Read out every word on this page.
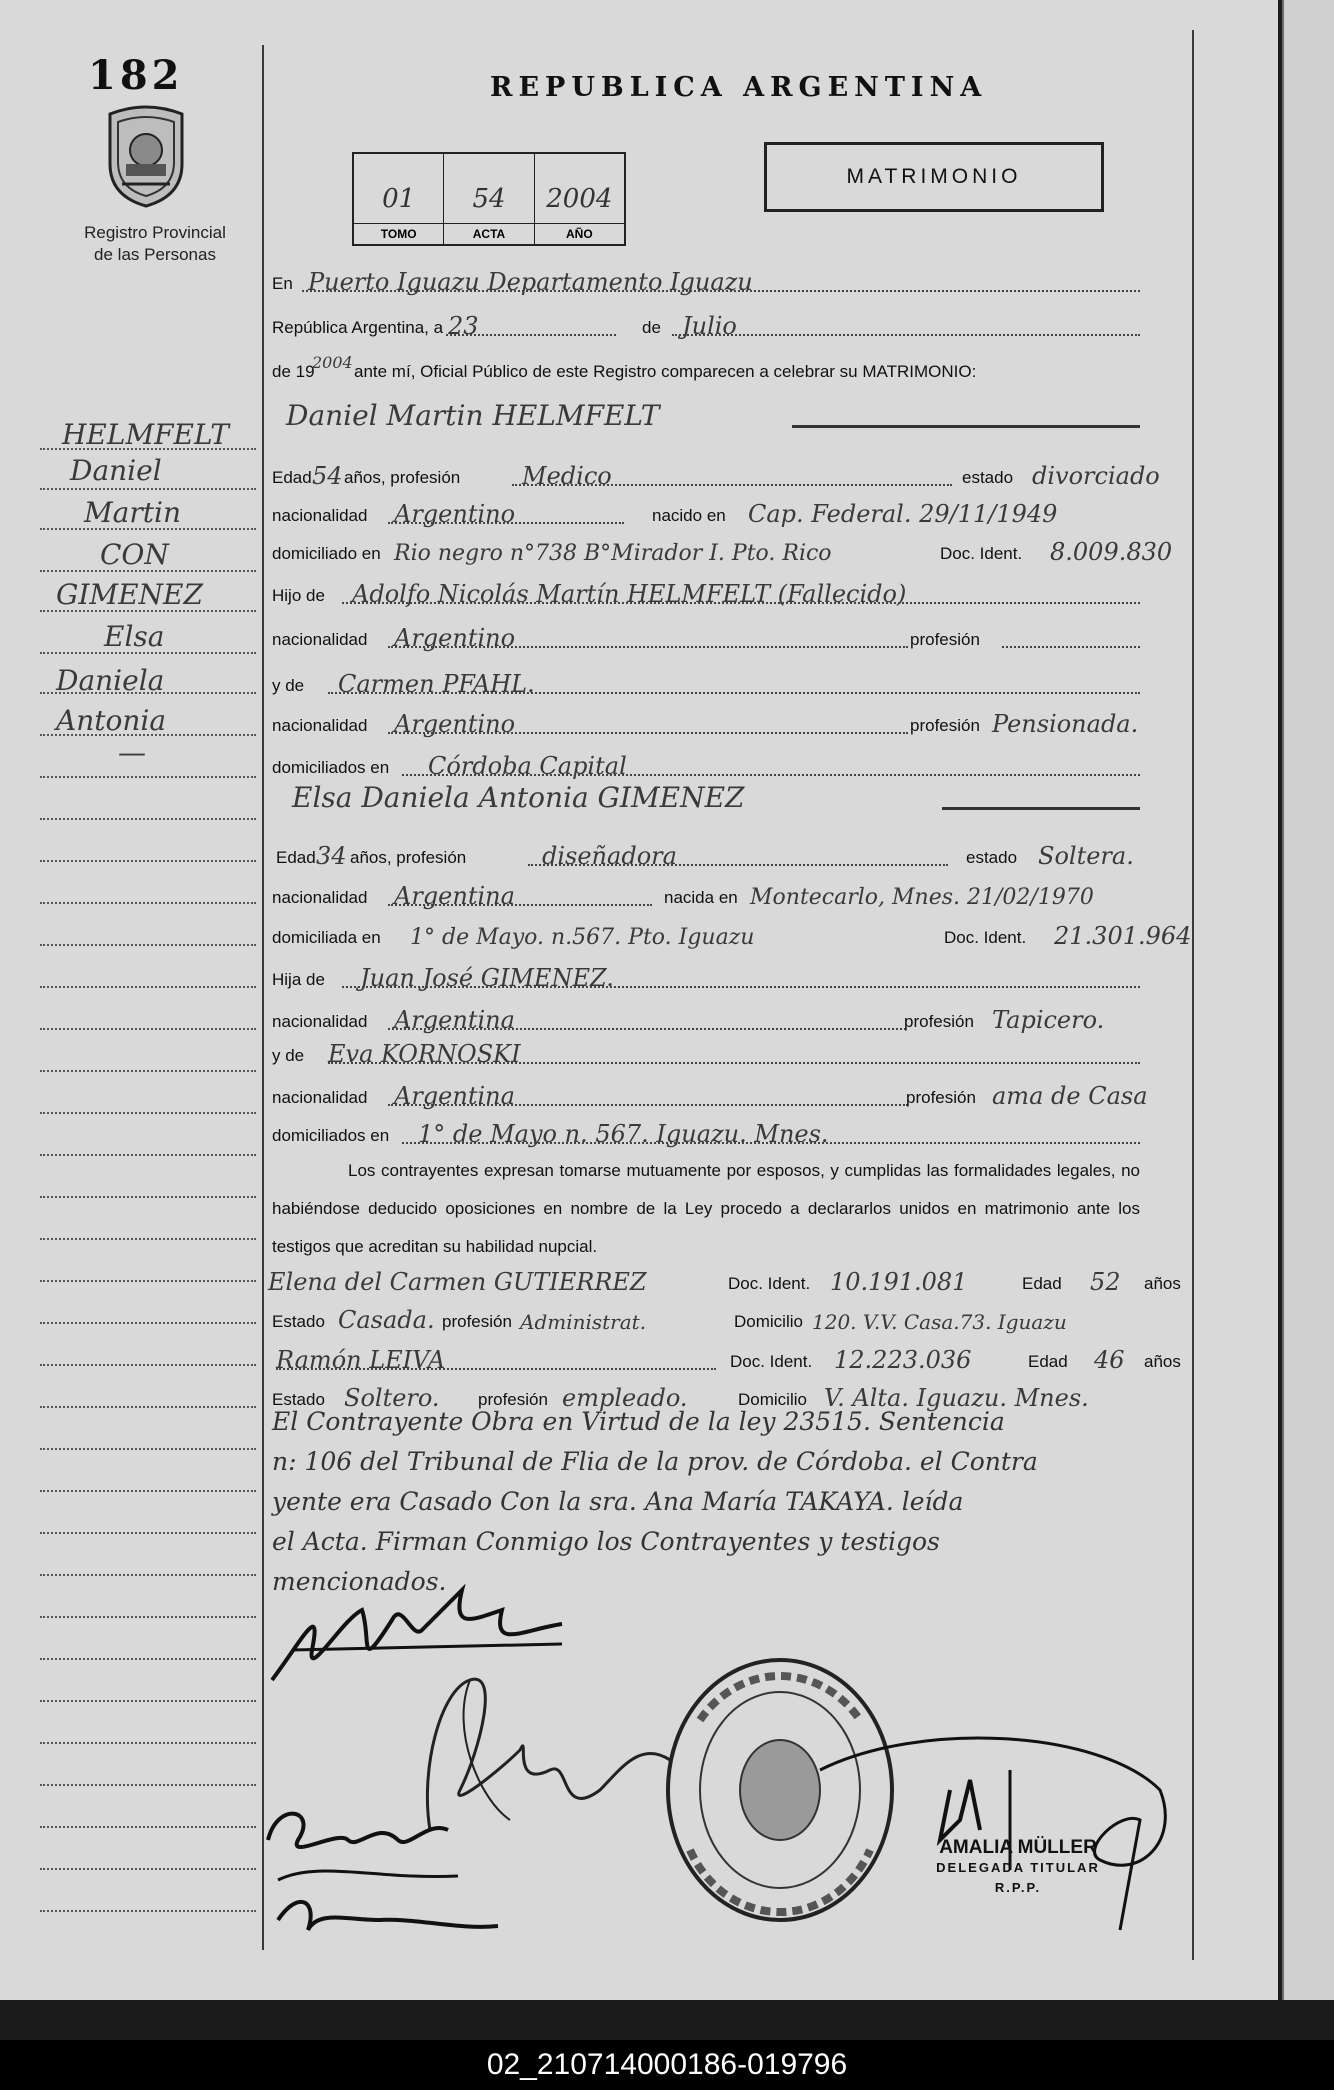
182
Registro Provincial
de las Personas
REPUBLICA ARGENTINA
01
TOMO
54
ACTA
2004
AÑO
MATRIMONIO
HELMFELT
Daniel
Martin
CON
GIMENEZ
Elsa
Daniela
Antonia
—
En Puerto Iguazu Departamento Iguazu
República Argentina, a 23	de Julio
de 19
2004 ante mí, Oficial Público de este Registro comparecen a celebrar su MATRIMONIO:
Daniel Martin HELMFELT
Edad 54 años, profesión	Medico	estado divorciado
nacionalidad Argentino	nacido en Cap. Federal. 29/11/1949
domiciliado en Rio negro n°738 B°Mirador I. Pto. Rico	Doc. Ident. 8.009.830
Hijo de Adolfo Nicolás Martín HELMFELT (Fallecido)
nacionalidad Argentino	profesión
y de Carmen PFAHL.
nacionalidad Argentino	profesión Pensionada.
domiciliados en Córdoba Capital
Elsa Daniela Antonia GIMENEZ
Edad 34 años, profesión	diseñadora	estado Soltera.
nacionalidad Argentina	nacida en Montecarlo, Mnes. 21/02/1970
domiciliada en 1° de Mayo. n.567. Pto. Iguazu	Doc. Ident. 21.301.964
Hija de Juan José GIMENEZ.
nacionalidad Argentina	profesión Tapicero.
y de Eva KORNOSKI
nacionalidad Argentina	profesión ama de Casa
domiciliados en 1° de Mayo n. 567. Iguazu. Mnes.
Los contrayentes expresan tomarse mutuamente por esposos, y cumplidas las formalidades legales, no habiéndose deducido oposiciones en nombre de la Ley procedo a declararlos unidos en matrimonio ante los testigos que acreditan su habilidad nupcial.
Elena del Carmen GUTIERREZ	Doc. Ident. 10.191.081	Edad 52 años
Estado Casada. profesión Administrat.	Domicilio 120. V.V. Casa.73. Iguazu
Ramón LEIVA	Doc. Ident. 12.223.036	Edad 46 años
Estado Soltero. profesión empleado.	Domicilio V. Alta. Iguazu. Mnes.
El Contrayente Obra en Virtud de la ley 23515. Sentencia
n: 106 del Tribunal de Flia de la prov. de Córdoba. el Contra
yente era Casado Con la sra. Ana María TAKAYA. leída
el Acta. Firman Conmigo los Contrayentes y testigos
mencionados.
AMALIA MÜLLER
DELEGADA TITULAR
R.P.P.
02_210714000186-019796
